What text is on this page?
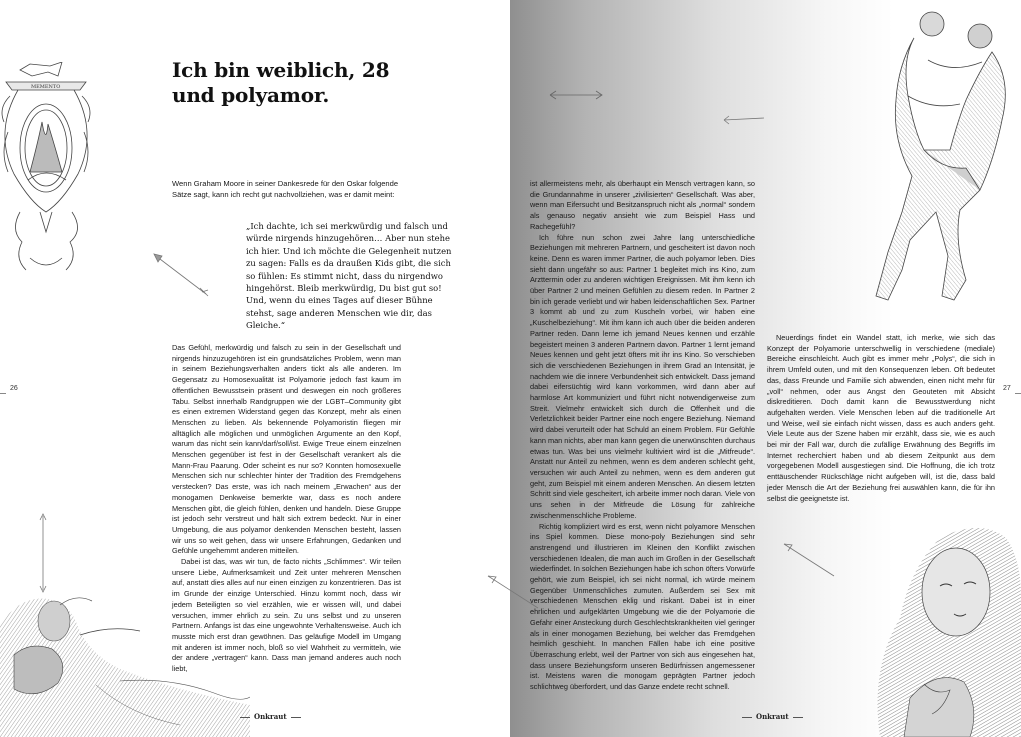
MEMENTO
Ich bin weiblich, 28 und polyamor.

Wenn Graham Moore in seiner Dankesrede für den Oskar folgende Sätze sagt, kann ich recht gut nachvollziehen, was er damit meint:

„Ich dachte, ich sei merkwürdig und falsch und würde nirgends hinzugehören… Aber nun stehe ich hier. Und ich möchte die Gelegenheit nutzen zu sagen: Falls es da draußen Kids gibt, die sich so fühlen: Es stimmt nicht, dass du nirgendwo hingehörst. Bleib merkwürdig, Du bist gut so! Und, wenn du eines Tages auf dieser Bühne stehst, sage anderen Menschen wie dir, das Gleiche.“

Das Gefühl, merkwürdig und falsch zu sein in der Gesellschaft und nirgends hinzuzugehören ist ein grundsätzliches Problem, wenn man in seinem Beziehungsverhalten anders tickt als alle anderen. Im Gegensatz zu Homosexualität ist Polyamorie jedoch fast kaum im öffentlichen Bewusstsein präsent und deswegen ein noch größeres Tabu. Selbst innerhalb Randgruppen wie der LGBT–Community gibt es einen extremen Widerstand gegen das Konzept, mehr als einen Menschen zu lieben. Als bekennende Polyamoristin fliegen mir alltäglich alle möglichen und unmöglichen Argumente an den Kopf, warum das nicht sein kann/darf/soll/ist. Ewige Treue einem einzelnen Menschen gegenüber ist fest in der Gesellschaft verankert als die Mann-Frau Paarung. Oder scheint es nur so? Konnten homosexuelle Menschen sich nur schlechter hinter der Tradition des Fremdgehens verstecken? Das erste, was ich nach meinem „Erwachen“ aus der monogamen Denkweise bemerkte war, dass es noch andere Menschen gibt, die gleich fühlen, denken und handeln. Diese Gruppe ist jedoch sehr verstreut und hält sich extrem bedeckt. Nur in einer Umgebung, die aus polyamor denkenden Menschen besteht, lassen wir uns so weit gehen, dass wir unsere Erfahrungen, Gedanken und Gefühle ungehemmt anderen mitteilen.

Dabei ist das, was wir tun, de facto nichts „Schlimmes“. Wir teilen unsere Liebe, Aufmerksamkeit und Zeit unter mehreren Menschen auf, anstatt dies alles auf nur einen einzigen zu konzentrieren. Das ist im Grunde der einzige Unterschied. Hinzu kommt noch, dass wir jedem Beteiligten so viel erzählen, wie er wissen will, und dabei versuchen, immer ehrlich zu sein. Zu uns selbst und zu unseren Partnern. Anfangs ist das eine ungewohnte Verhaltensweise. Auch ich musste mich erst dran gewöhnen. Das geläufige Modell im Umgang mit anderen ist immer noch, bloß so viel Wahrheit zu vermitteln, wie der andere „vertragen“ kann. Dass man jemand anderes auch noch liebt,

26
Onkraut

ist allermeistens mehr, als überhaupt ein Mensch vertragen kann, so die Grundannahme in unserer „zivilisierten“ Gesellschaft. Was aber, wenn man Eifersucht und Besitzanspruch nicht als „normal“ sondern als genauso negativ ansieht wie zum Beispiel Hass und Rachegefühl?

Ich führe nun schon zwei Jahre lang unterschiedliche Beziehungen mit mehreren Partnern, und gescheitert ist davon noch keine. Denn es waren immer Partner, die auch polyamor leben. Dies sieht dann ungefähr so aus: Partner 1 begleitet mich ins Kino, zum Arzttermin oder zu anderen wichtigen Ereignissen. Mit ihm kenn ich über Partner 2 und meinen Gefühlen zu diesem reden. In Partner 2 bin ich gerade verliebt und wir haben leidenschaftlichen Sex. Partner 3 kommt ab und zu zum Kuscheln vorbei, wir haben eine „Kuschelbeziehung“. Mit ihm kann ich auch über die beiden anderen Partner reden. Dann lerne ich jemand Neues kennen und erzähle begeistert meinen 3 anderen Partnern davon. Partner 1 lernt jemand Neues kennen und geht jetzt öfters mit ihr ins Kino. So verschieben sich die verschiedenen Beziehungen in ihrem Grad an Intensität, je nachdem wie die innere Verbundenheit sich entwickelt. Dass jemand dabei eifersüchtig wird kann vorkommen, wird dann aber auf harmlose Art kommuniziert und führt nicht notwendigerweise zum Streit. Vielmehr entwickelt sich durch die Offenheit und die Verletzlichkeit beider Partner eine noch engere Beziehung. Niemand wird dabei verurteilt oder hat Schuld an einem Problem. Für Gefühle kann man nichts, aber man kann gegen die unerwünschten durchaus etwas tun. Was bei uns vielmehr kultiviert wird ist die „Mitfreude“. Anstatt nur Anteil zu nehmen, wenn es dem anderen schlecht geht, versuchen wir auch Anteil zu nehmen, wenn es dem anderen gut geht, zum Beispiel mit einem anderen Menschen. An diesem letzten Schritt sind viele gescheitert, ich arbeite immer noch daran. Viele von uns sehen in der Mitfreude die Lösung für zahlreiche zwischenmenschliche Probleme.

Richtig kompliziert wird es erst, wenn nicht polyamore Menschen ins Spiel kommen. Diese mono-poly Beziehungen sind sehr anstrengend und illustrieren im Kleinen den Konflikt zwischen verschiedenen Idealen, die man auch im Großen in der Gesellschaft wiederfindet. In solchen Beziehungen habe ich schon öfters Vorwürfe gehört, wie zum Beispiel, ich sei nicht normal, ich würde meinem Gegenüber Unmenschliches zumuten. Außerdem sei Sex mit verschiedenen Menschen eklig und riskant. Dabei ist in einer ehrlichen und aufgeklärten Umgebung wie die der Polyamorie die Gefahr einer Ansteckung durch Geschlechtskrankheiten viel geringer als in einer monogamen Beziehung, bei welcher das Fremdgehen heimlich geschieht. In manchen Fällen habe ich eine positive Überraschung erlebt, weil der Partner von sich aus eingesehen hat, dass unsere Beziehungsform unseren Bedürfnissen angemessener ist. Meistens waren die monogam geprägten Partner jedoch schlichtweg überfordert, und das Ganze endete recht schnell.

Neuerdings findet ein Wandel statt, ich merke, wie sich das Konzept der Polyamorie unterschwellig in verschiedene (mediale) Bereiche einschleicht. Auch gibt es immer mehr „Polys“, die sich in ihrem Umfeld outen, und mit den Konsequenzen leben. Oft bedeutet das, dass Freunde und Familie sich abwenden, einen nicht mehr für „voll“ nehmen, oder aus Angst den Geouteten mit Absicht diskreditieren. Doch damit kann die Bewusstwerdung nicht aufgehalten werden. Viele Menschen leben auf die traditionelle Art und Weise, weil sie einfach nicht wissen, dass es auch anders geht. Viele Leute aus der Szene haben mir erzählt, dass sie, wie es auch bei mir der Fall war, durch die zufällige Erwähnung des Begriffs im Internet recherchiert haben und ab diesem Zeitpunkt aus dem vorgegebenen Modell ausgestiegen sind. Die Hoffnung, die ich trotz enttäuschender Rückschläge nicht aufgeben will, ist die, dass bald jeder Mensch die Art der Beziehung frei auswählen kann, die für ihn selbst die geeignetste ist.

27
Onkraut
